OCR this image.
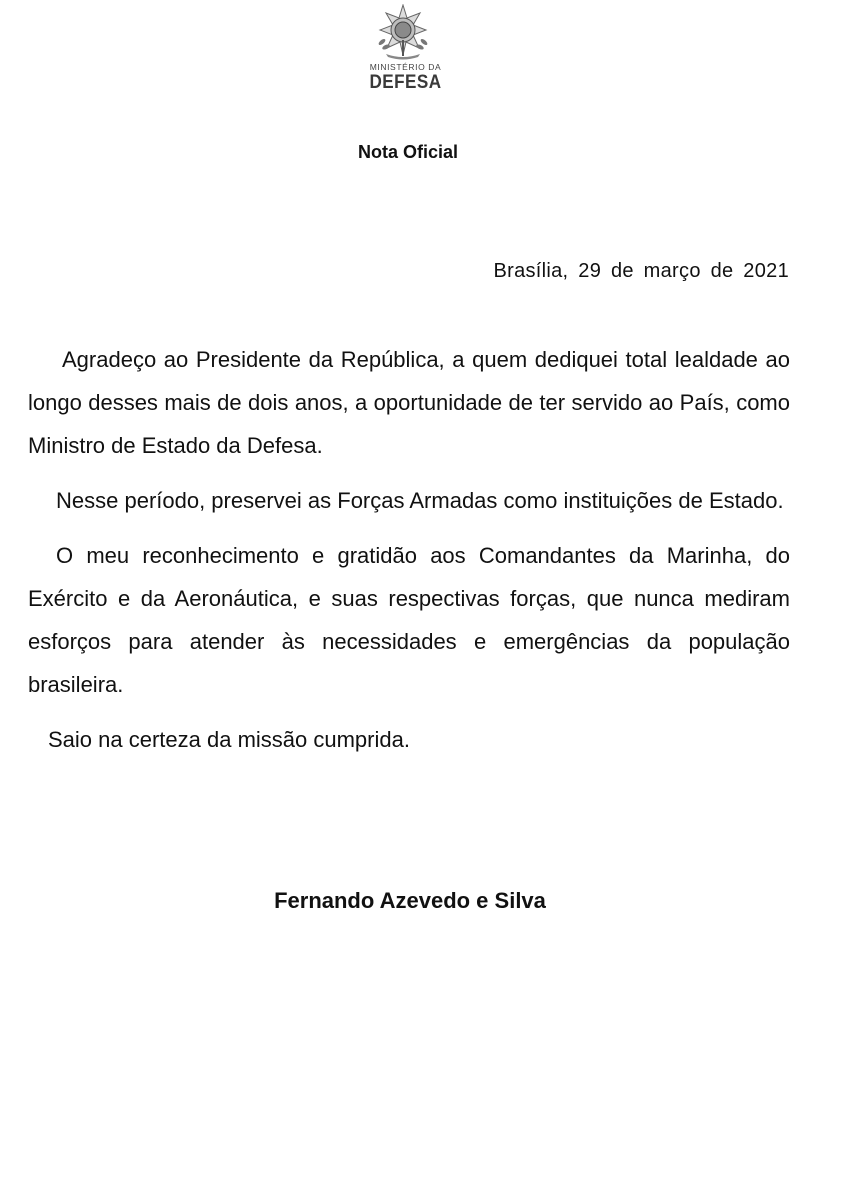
MINISTÉRIO DA
DEFESA
Nota Oficial
Brasília, 29 de março de 2021

Agradeço ao Presidente da República, a quem dediquei total lealdade ao longo desses mais de dois anos, a oportunidade de ter servido ao País, como Ministro de Estado da Defesa.

Nesse período, preservei as Forças Armadas como instituições de Estado.

O meu reconhecimento e gratidão aos Comandantes da Marinha, do Exército e da Aeronáutica, e suas respectivas forças, que nunca mediram esforços para atender às necessidades e emergências da população brasileira.

Saio na certeza da missão cumprida.

Fernando Azevedo e Silva
